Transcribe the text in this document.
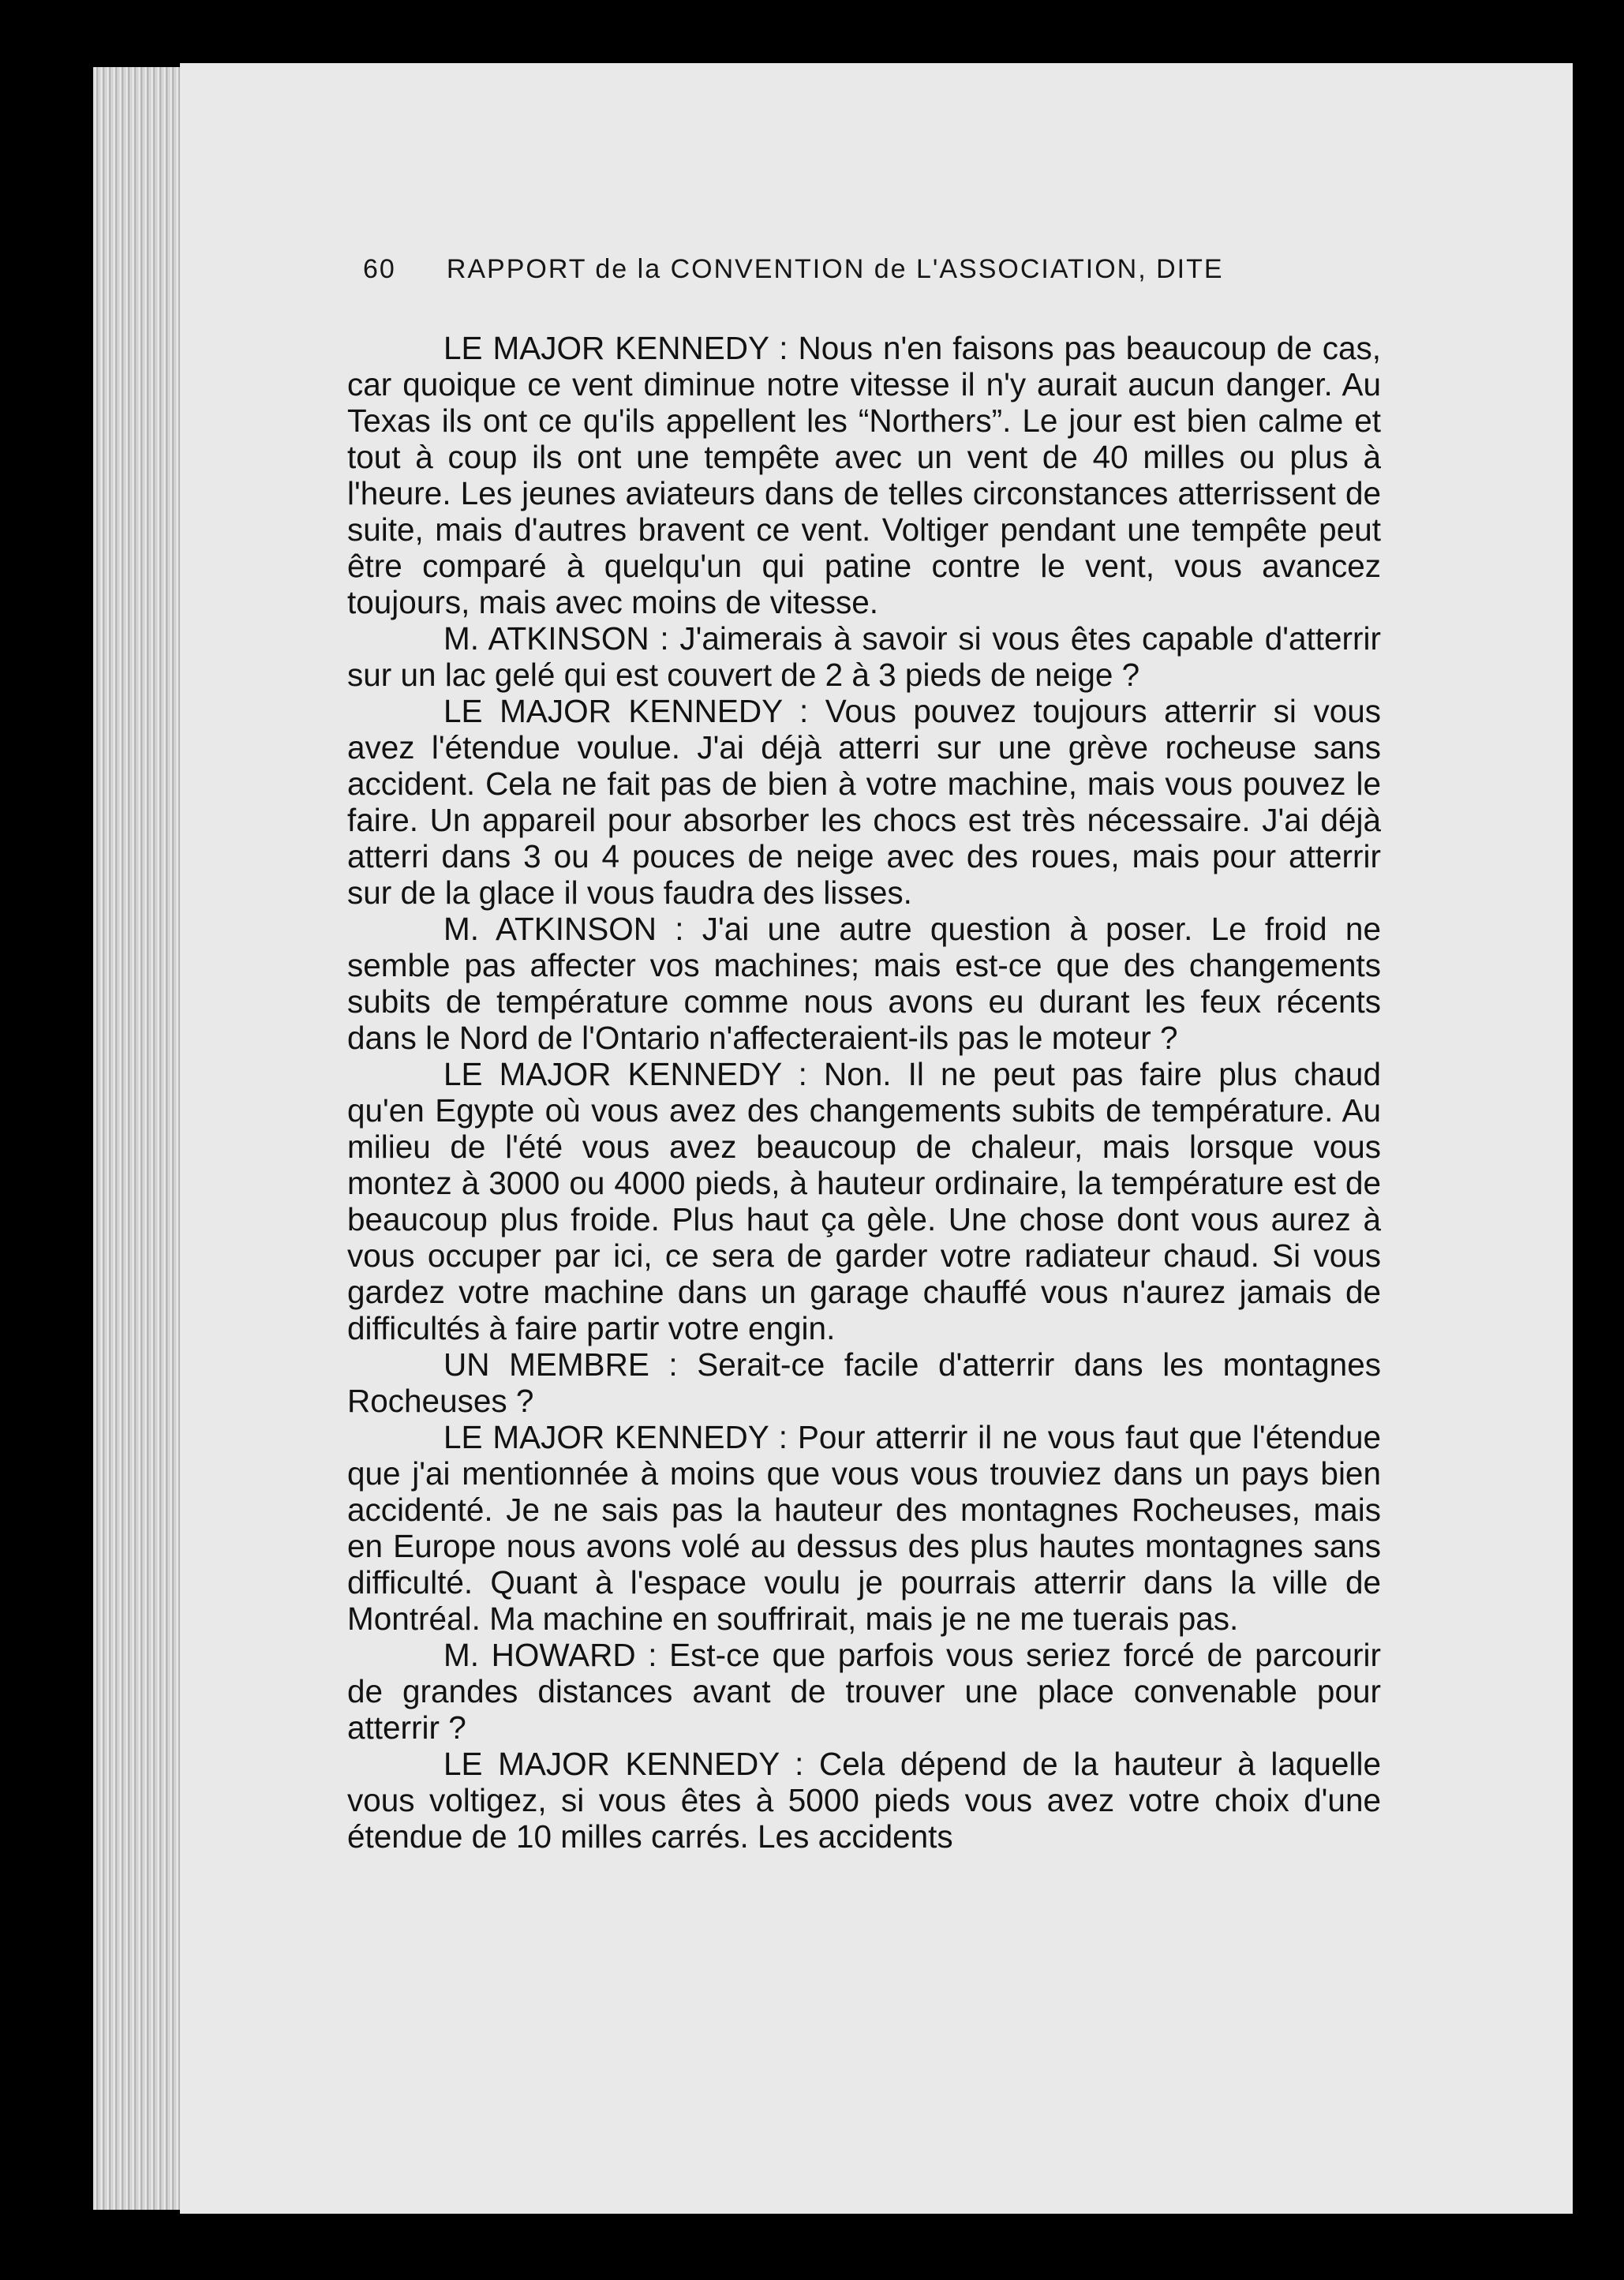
60 RAPPORT de la CONVENTION de L'ASSOCIATION, DITE

LE MAJOR KENNEDY : Nous n'en faisons pas beaucoup de cas, car quoique ce vent diminue notre vitesse il n'y aurait aucun danger. Au Texas ils ont ce qu'ils appellent les “Northers”. Le jour est bien calme et tout à coup ils ont une tempête avec un vent de 40 milles ou plus à l'heure. Les jeunes aviateurs dans de telles circonstances atterrissent de suite, mais d'autres bravent ce vent. Voltiger pendant une tempête peut être comparé à quelqu'un qui patine contre le vent, vous avancez toujours, mais avec moins de vitesse.

M. ATKINSON : J'aimerais à savoir si vous êtes capable d'atterrir sur un lac gelé qui est couvert de 2 à 3 pieds de neige ?

LE MAJOR KENNEDY : Vous pouvez toujours atterrir si vous avez l'étendue voulue. J'ai déjà atterri sur une grève rocheuse sans accident. Cela ne fait pas de bien à votre machine, mais vous pouvez le faire. Un appareil pour absorber les chocs est très nécessaire. J'ai déjà atterri dans 3 ou 4 pouces de neige avec des roues, mais pour atterrir sur de la glace il vous faudra des lisses.

M. ATKINSON : J'ai une autre question à poser. Le froid ne semble pas affecter vos machines; mais est-ce que des changements subits de température comme nous avons eu durant les feux récents dans le Nord de l'Ontario n'affecteraient-ils pas le moteur ?

LE MAJOR KENNEDY : Non. Il ne peut pas faire plus chaud qu'en Egypte où vous avez des changements subits de température. Au milieu de l'été vous avez beaucoup de chaleur, mais lorsque vous montez à 3000 ou 4000 pieds, à hauteur ordinaire, la température est de beaucoup plus froide. Plus haut ça gèle. Une chose dont vous aurez à vous occuper par ici, ce sera de garder votre radiateur chaud. Si vous gardez votre machine dans un garage chauffé vous n'aurez jamais de difficultés à faire partir votre engin.

UN MEMBRE : Serait-ce facile d'atterrir dans les montagnes Rocheuses ?

LE MAJOR KENNEDY : Pour atterrir il ne vous faut que l'étendue que j'ai mentionnée à moins que vous vous trouviez dans un pays bien accidenté. Je ne sais pas la hauteur des montagnes Rocheuses, mais en Europe nous avons volé au dessus des plus hautes montagnes sans difficulté. Quant à l'espace voulu je pourrais atterrir dans la ville de Montréal. Ma machine en souffrirait, mais je ne me tuerais pas.

M. HOWARD : Est-ce que parfois vous seriez forcé de parcourir de grandes distances avant de trouver une place convenable pour atterrir ?

LE MAJOR KENNEDY : Cela dépend de la hauteur à laquelle vous voltigez, si vous êtes à 5000 pieds vous avez votre choix d'une étendue de 10 milles carrés. Les accidents
